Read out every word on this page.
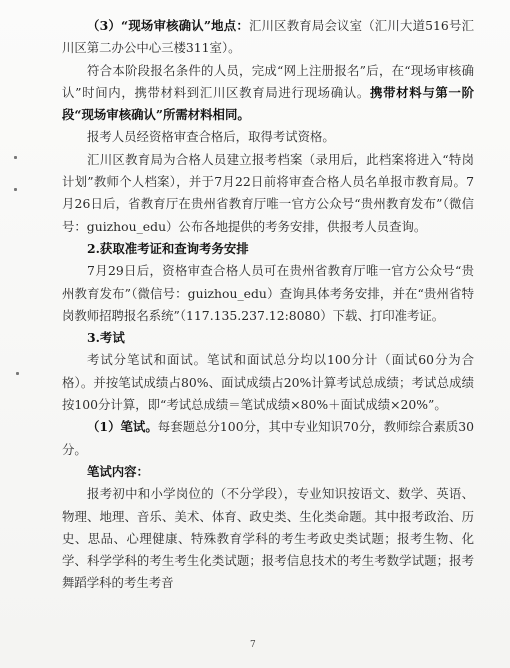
（3）“现场审核确认”地点：汇川区教育局会议室（汇川大道516号汇川区第二办公中心三楼311室）。

符合本阶段报名条件的人员，完成“网上注册报名”后，在“现场审核确认”时间内，携带材料到汇川区教育局进行现场确认。携带材料与第一阶段“现场审核确认”所需材料相同。

报考人员经资格审查合格后，取得考试资格。

汇川区教育局为合格人员建立报考档案（录用后，此档案将进入“特岗计划”教师个人档案），并于7月22日前将审查合格人员名单报市教育局。7月26日后，省教育厅在贵州省教育厅唯一官方公众号“贵州教育发布”（微信号：guizhou_edu）公布各地提供的考务安排，供报考人员查询。

2.获取准考证和查询考务安排

7月29日后，资格审查合格人员可在贵州省教育厅唯一官方公众号“贵州教育发布”（微信号：guizhou_edu）查询具体考务安排，并在“贵州省特岗教师招聘报名系统”（117.135.237.12:8080）下载、打印准考证。

3.考试

考试分笔试和面试。笔试和面试总分均以100分计（面试60分为合格）。并按笔试成绩占80%、面试成绩占20%计算考试总成绩；考试总成绩按100分计算，即“考试总成绩＝笔试成绩×80%＋面试成绩×20%”。

（1）笔试。每套题总分100分，其中专业知识70分，教师综合素质30分。

笔试内容：

报考初中和小学岗位的（不分学段），专业知识按语文、数学、英语、物理、地理、音乐、美术、体育、政史类、生化类命题。其中报考政治、历史、思品、心理健康、特殊教育学科的考生考政史类试题；报考生物、化学、科学学科的考生考生化类试题；报考信息技术的考生考数学试题；报考舞蹈学科的考生考音

7
